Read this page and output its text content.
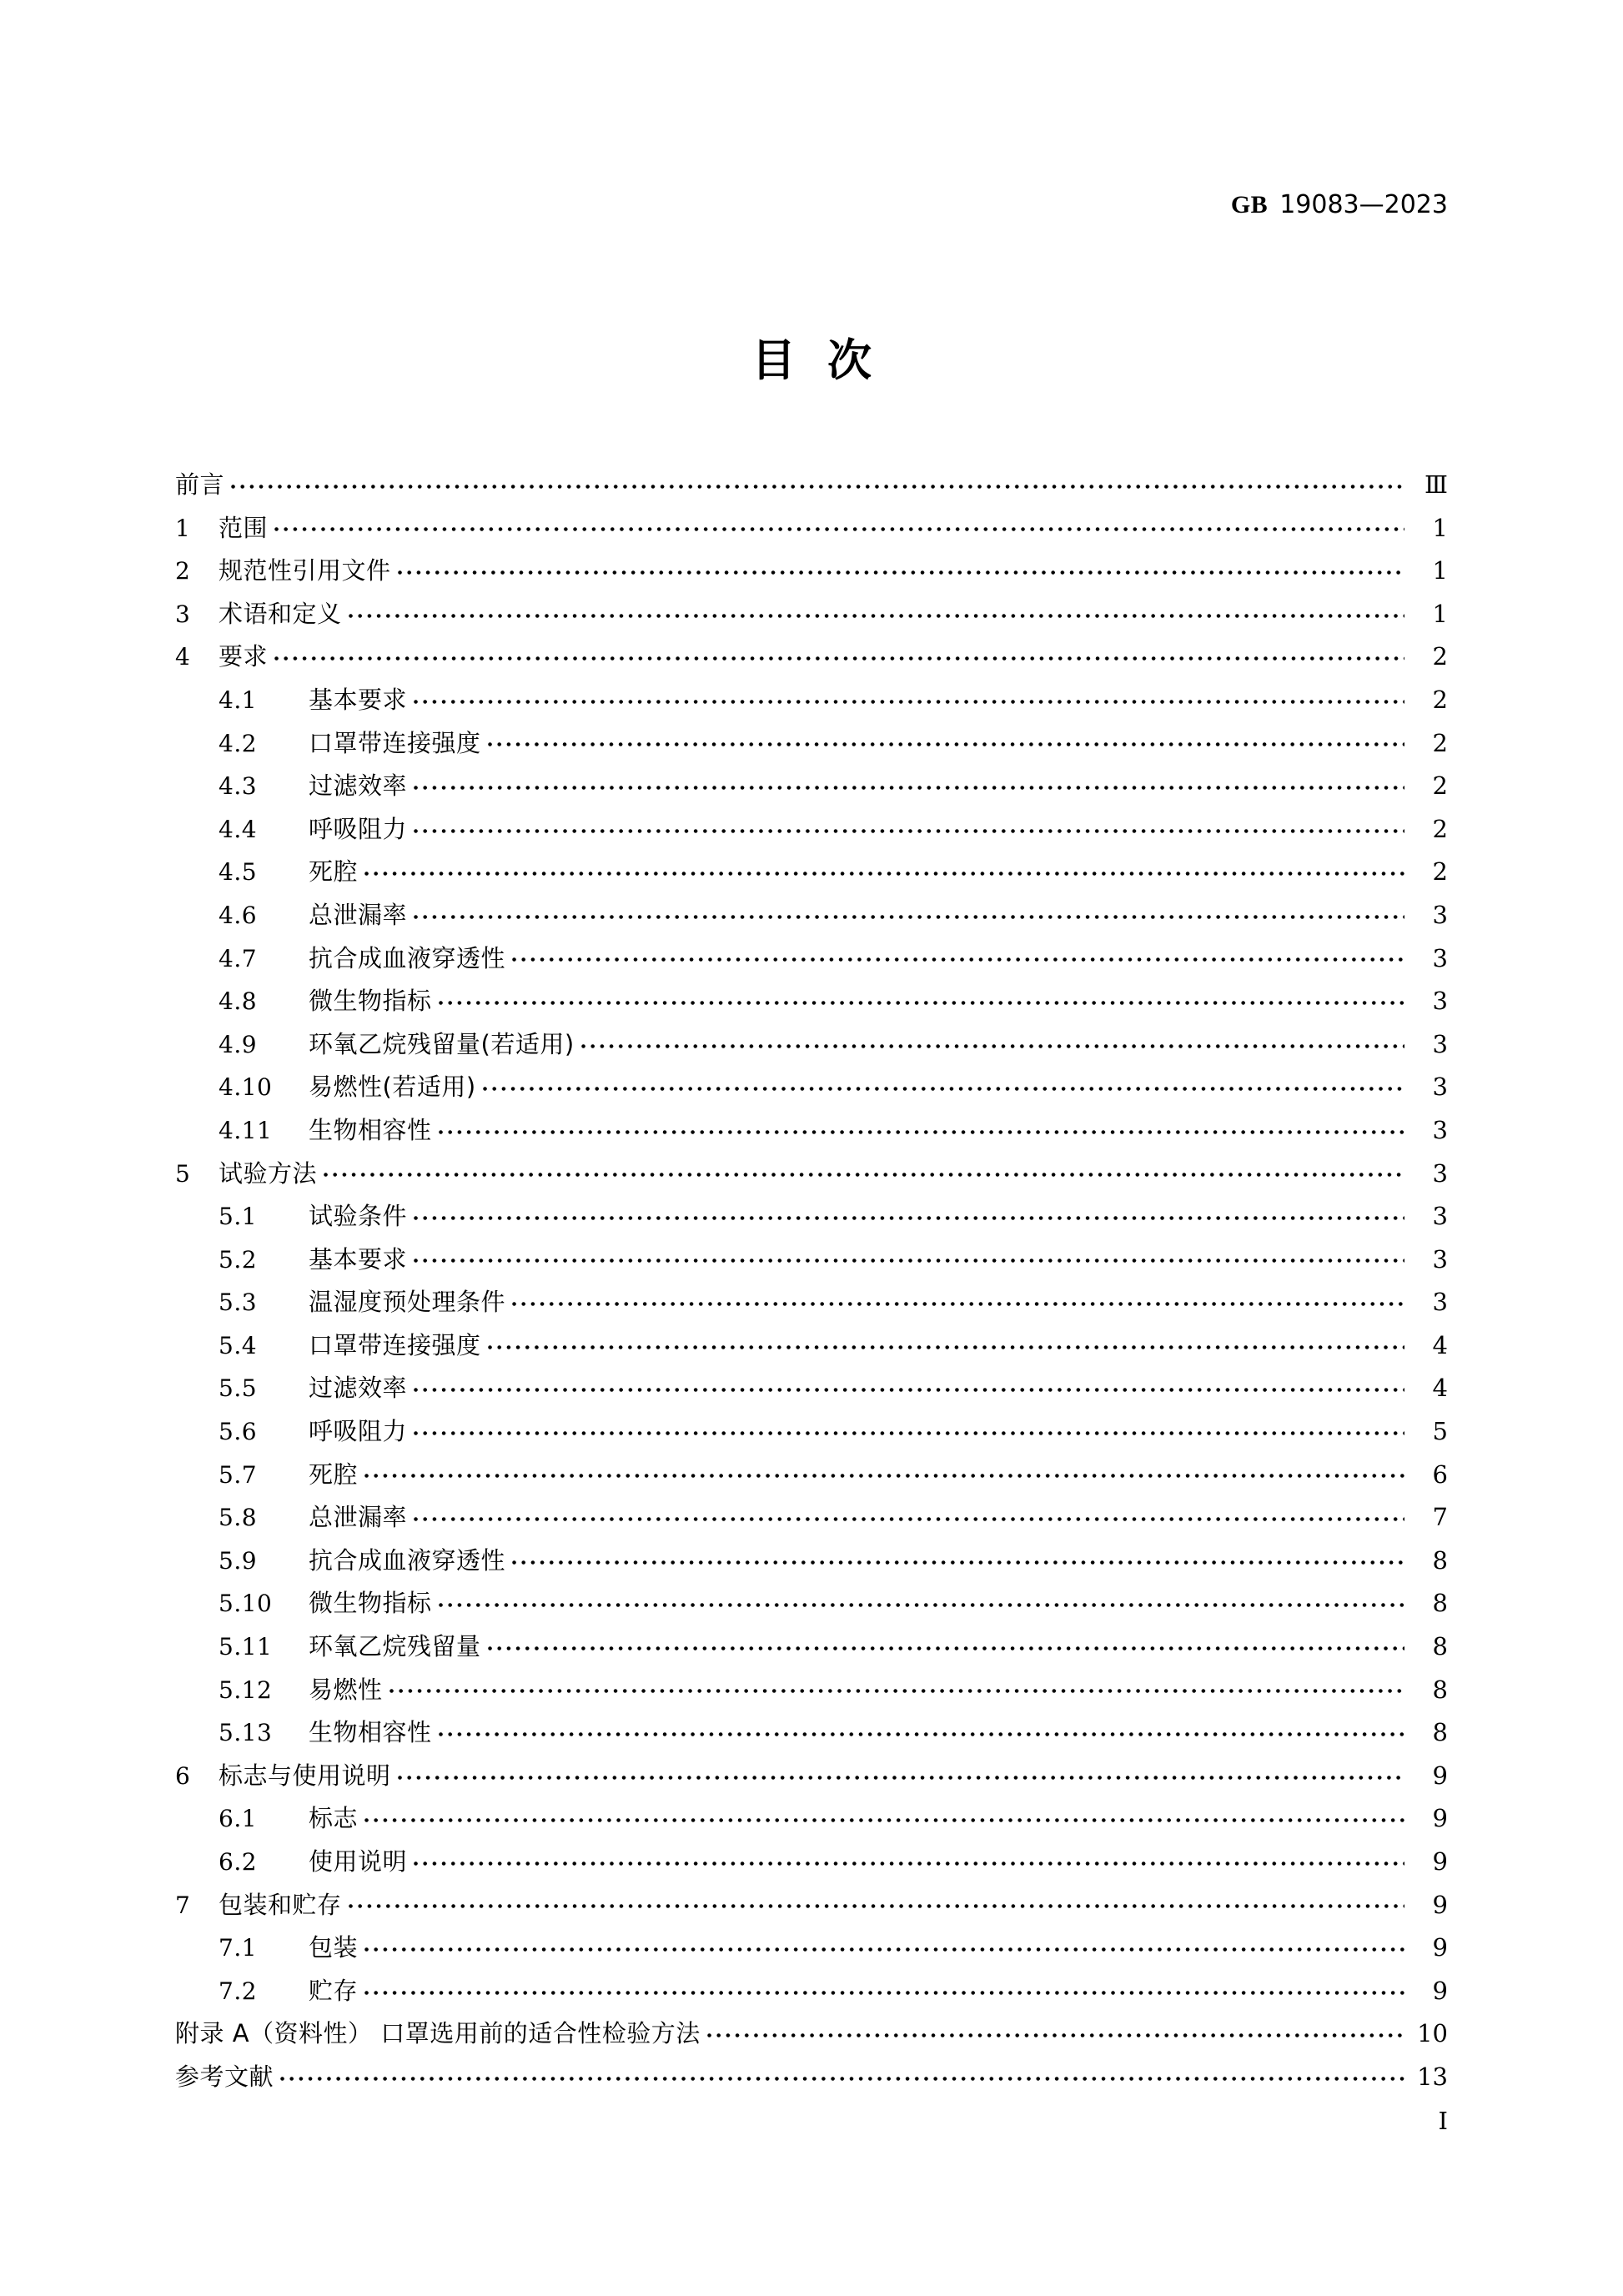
GB 19083—2023
目次
前言	Ⅲ
1	范围	1
2	规范性引用文件	1
3	术语和定义	1
4	要求	2
4.1	基本要求	2
4.2	口罩带连接强度	2
4.3	过滤效率	2
4.4	呼吸阻力	2
4.5	死腔	2
4.6	总泄漏率	3
4.7	抗合成血液穿透性	3
4.8	微生物指标	3
4.9	环氧乙烷残留量(若适用)	3
4.10	易燃性(若适用)	3
4.11	生物相容性	3
5	试验方法	3
5.1	试验条件	3
5.2	基本要求	3
5.3	温湿度预处理条件	3
5.4	口罩带连接强度	4
5.5	过滤效率	4
5.6	呼吸阻力	5
5.7	死腔	6
5.8	总泄漏率	7
5.9	抗合成血液穿透性	8
5.10	微生物指标	8
5.11	环氧乙烷残留量	8
5.12	易燃性	8
5.13	生物相容性	8
6	标志与使用说明	9
6.1	标志	9
6.2	使用说明	9
7	包装和贮存	9
7.1	包装	9
7.2	贮存	9
附录 A（资料性） 口罩选用前的适合性检验方法	10
参考文献	13
Ⅰ
